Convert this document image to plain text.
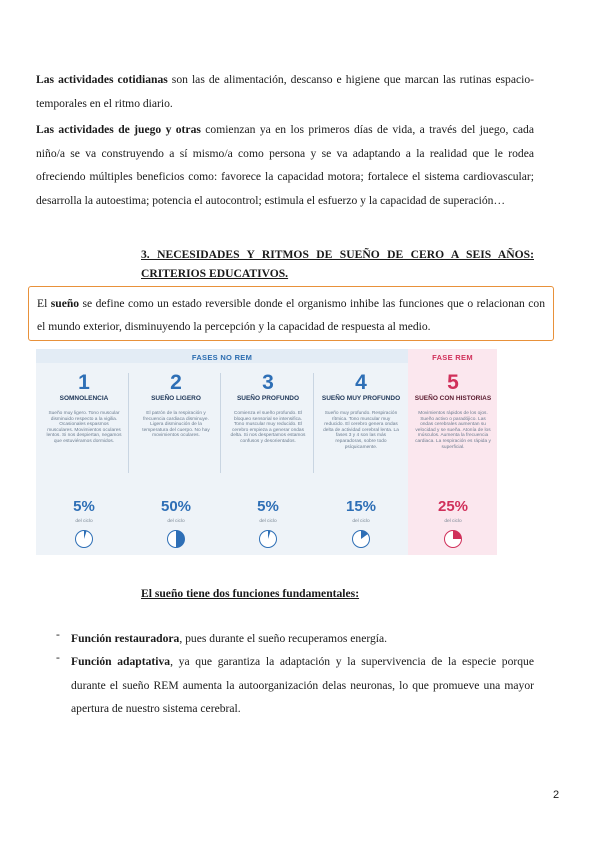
Las actividades cotidianas son las de alimentación, descanso e higiene que marcan las rutinas espacio-temporales en el ritmo diario.

Las actividades de juego y otras comienzan ya en los primeros días de vida, a través del juego, cada niño/a se va construyendo a sí mismo/a como persona y se va adaptando a la realidad que le rodea ofreciendo múltiples beneficios como: favorece la capacidad motora; fortalece el sistema cardiovascular; desarrolla la autoestima; potencia el autocontrol; estimula el esfuerzo y la capacidad de superación…

3. NECESIDADES Y RITMOS DE SUEÑO DE CERO A SEIS AÑOS: CRITERIOS EDUCATIVOS.

El sueño se define como un estado reversible donde el organismo inhibe las funciones que o relacionan con el mundo exterior, disminuyendo la percepción y la capacidad de respuesta al medio.
FASES NO REM	FASE REM
1
SOMNOLENCIA
Sueño muy ligero. Tono muscular disminuido respecto a la vigilia. Ocasionales espasmos musculares. Movimientos oculares lentos. Si nos despiertan, negamos que estuviéramos dormidos.
5%
del ciclo
2
SUEÑO LIGERO
El patrón de la respiración y frecuencia cardiaca disminuye. Ligera disminución de la temperatura del cuerpo. No hay movimientos oculares.
50%
del ciclo
3
SUEÑO PROFUNDO
Comienza el sueño profundo. El bloqueo sensorial se intensifica. Tono muscular muy reducido. El cerebro empieza a generar ondas delta. Si nos despertamos estamos confusos y desorientados.
5%
del ciclo
4
SUEÑO MUY PROFUNDO
Sueño muy profundo. Respiración rítmica. Tono muscular muy reducido. El cerebro genera ondas delta de actividad cerebral lenta. La fases 3 y 4 son las más reparadoras, sobre todo psíquicamente.
15%
del ciclo
5
SUEÑO CON HISTORIAS
Movimientos rápidos de los ojos. Sueño activo o paradójico. Las ondas cerebrales aumentan su velocidad y se sueña. Atonía de los músculos. Aumenta la frecuencia cardiaca. La respiración es rápida y superficial.
25%
del ciclo

El sueño tiene dos funciones fundamentales:

- Función restauradora, pues durante el sueño recuperamos energía.

- Función adaptativa, ya que garantiza la adaptación y la supervivencia de la especie porque durante el sueño REM aumenta la autoorganización delas neuronas, lo que promueve una mayor apertura de nuestro sistema cerebral.

2
